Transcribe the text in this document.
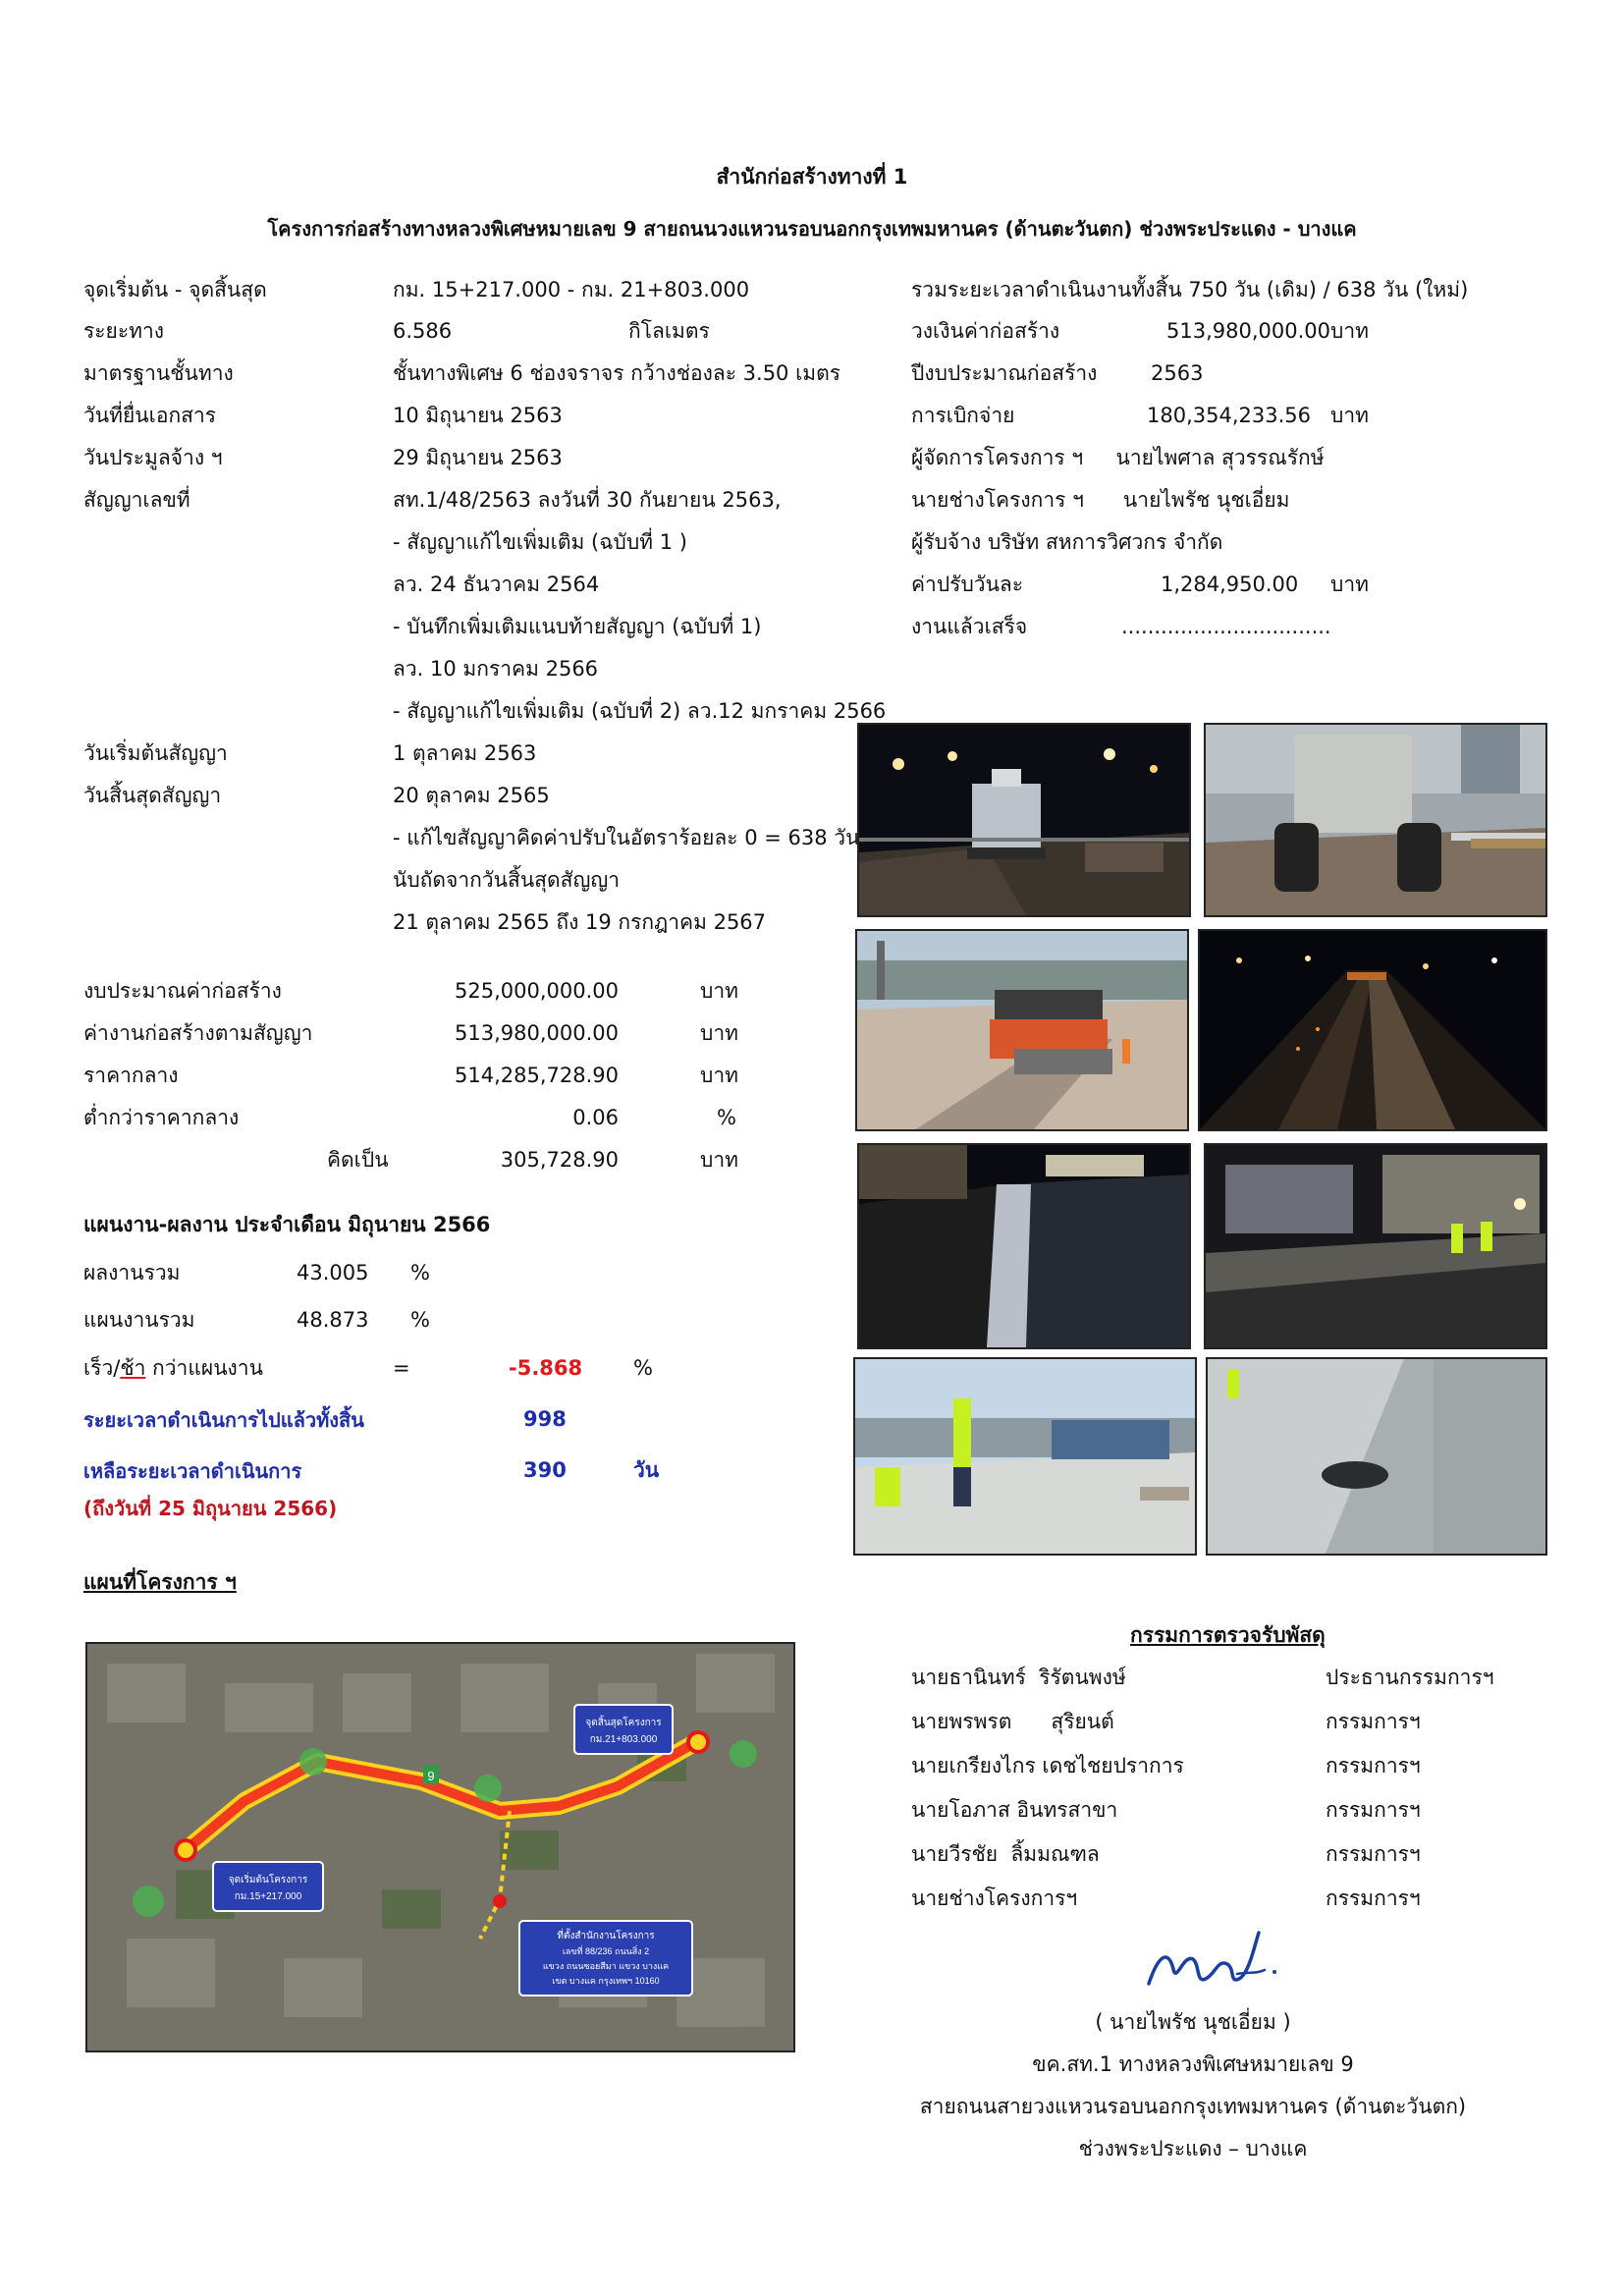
สำนักก่อสร้างทางที่ 1
โครงการก่อสร้างทางหลวงพิเศษหมายเลข 9 สายถนนวงแหวนรอบนอกกรุงเทพมหานคร (ด้านตะวันตก) ช่วงพระประแดง - บางแค
จุดเริ่มต้น - จุดสิ้นสุด	กม. 15+217.000 - กม. 21+803.000
ระยะทาง	6.586	กิโลเมตร
มาตรฐานชั้นทาง	ชั้นทางพิเศษ 6 ช่องจราจร กว้างช่องละ 3.50 เมตร
วันที่ยื่นเอกสาร	10 มิถุนายน 2563
วันประมูลจ้าง ฯ	29 มิถุนายน 2563
สัญญาเลขที่	สท.1/48/2563 ลงวันที่ 30 กันยายน 2563,
- สัญญาแก้ไขเพิ่มเติม (ฉบับที่ 1 )
ลว. 24 ธันวาคม 2564
- บันทึกเพิ่มเติมแนบท้ายสัญญา (ฉบับที่ 1)
ลว. 10 มกราคม 2566
- สัญญาแก้ไขเพิ่มเติม (ฉบับที่ 2) ลว.12 มกราคม 2566
วันเริ่มต้นสัญญา	1 ตุลาคม 2563
วันสิ้นสุดสัญญา	20 ตุลาคม 2565
- แก้ไขสัญญาคิดค่าปรับในอัตราร้อยละ 0 = 638 วัน
นับถัดจากวันสิ้นสุดสัญญา
21 ตุลาคม 2565 ถึง 19 กรกฎาคม 2567
รวมระยะเวลาดำเนินงานทั้งสิ้น 750 วัน (เดิม) / 638 วัน (ใหม่)
วงเงินค่าก่อสร้าง	513,980,000.00 บาท
ปีงบประมาณก่อสร้าง	2563
การเบิกจ่าย	180,354,233.56 บาท
ผู้จัดการโครงการ ฯ     นายไพศาล สุวรรณรักษ์
นายช่างโครงการ ฯ      นายไพรัช นุชเอี่ยม
ผู้รับจ้าง บริษัท สหการวิศวกร จำกัด
ค่าปรับวันละ	1,284,950.00 บาท
งานแล้วเสร็จ	................................
งบประมาณค่าก่อสร้าง	525,000,000.00	บาท
ค่างานก่อสร้างตามสัญญา	513,980,000.00	บาท
ราคากลาง	514,285,728.90	บาท
ต่ำกว่าราคากลาง	0.06	%
คิดเป็น	305,728.90	บาท
แผนงาน-ผลงาน ประจำเดือน มิถุนายน 2566
ผลงานรวม	43.005 %
แผนงานรวม	48.873 %
เร็ว/ช้า กว่าแผนงาน	=	-5.868 %
ระยะเวลาดำเนินการไปแล้วทั้งสิ้น	998
เหลือระยะเวลาดำเนินการ	390	วัน
(ถึงวันที่ 25 มิถุนายน 2566)
แผนที่โครงการ ฯ
9
จุดเริ่มต้นโครงการ
กม.15+217.000
จุดสิ้นสุดโครงการ
กม.21+803.000
ที่ตั้งสำนักงานโครงการ
เลขที่ 88/236 ถนนสิ่ง 2
แขวง ถนนซอยสีมา แขวง บางแค
เขต บางแค กรุงเทพฯ 10160
กรรมการตรวจรับพัสดุ
นายธานินทร์  ริรัตนพงษ์	ประธานกรรมการฯ
นายพรพรต      สุริยนต์	กรรมการฯ
นายเกรียงไกร เดชไชยปราการ	กรรมการฯ
นายโอภาส อินทรสาขา	กรรมการฯ
นายวีรชัย  ลิ้มมณฑล	กรรมการฯ
นายช่างโครงการฯ	กรรมการฯ
( นายไพรัช นุชเอี่ยม )
ขค.สท.1 ทางหลวงพิเศษหมายเลข 9
สายถนนสายวงแหวนรอบนอกกรุงเทพมหานคร (ด้านตะวันตก)
ช่วงพระประแดง – บางแค
